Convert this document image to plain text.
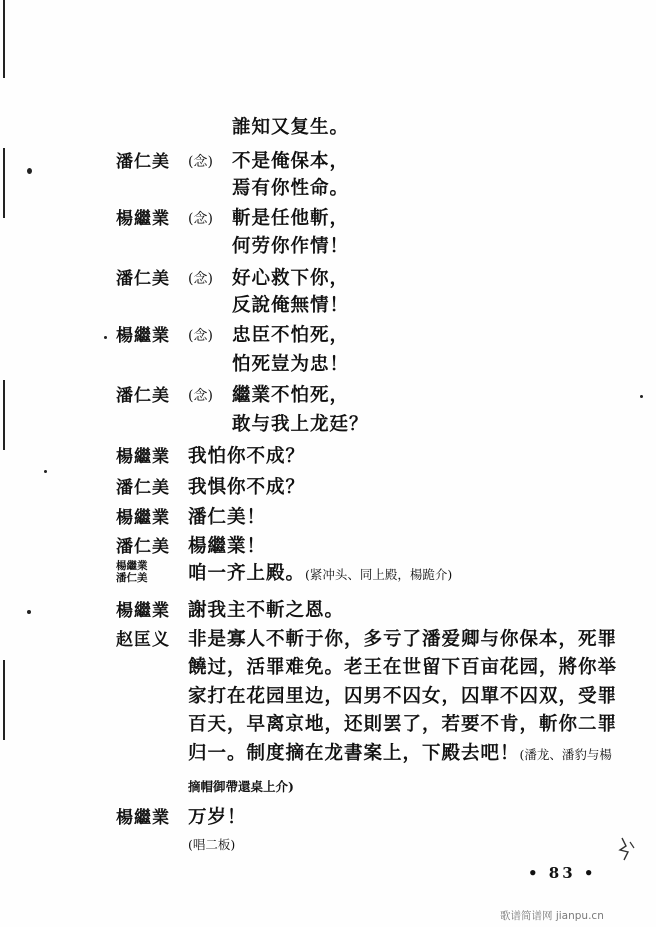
誰知又复生。
潘仁美 (念) 不是俺保本，
焉有你性命。
楊繼業 (念) 斬是任他斬，
何劳你作情！
潘仁美 (念) 好心救下你，
反說俺無情！
楊繼業 (念) 忠臣不怕死，
怕死豈为忠！
潘仁美 (念) 繼業不怕死，
敢与我上龙廷？
楊繼業 我怕你不成？
潘仁美 我惧你不成？
楊繼業 潘仁美！
潘仁美 楊繼業！
楊繼業
潘仁美 咱一齐上殿。(紧冲头、同上殿，楊跪介)
楊繼業 謝我主不斬之恩。
赵匡义 非是寡人不斬于你，多亏了潘爱卿与你保本，死罪
饒过，活罪难免。老王在世留下百亩花园，將你举
家打在花园里边，囚男不囚女，囚單不囚双，受罪
百天，早离京地，还則罢了，若要不肯，斬你二罪
归一。制度摘在龙書案上，下殿去吧！(潘龙、潘豹与楊
摘帽御帶還桌上介)
楊繼業 万岁！
(唱二板)
• 83 •
歌谱简谱网 jianpu.cn
